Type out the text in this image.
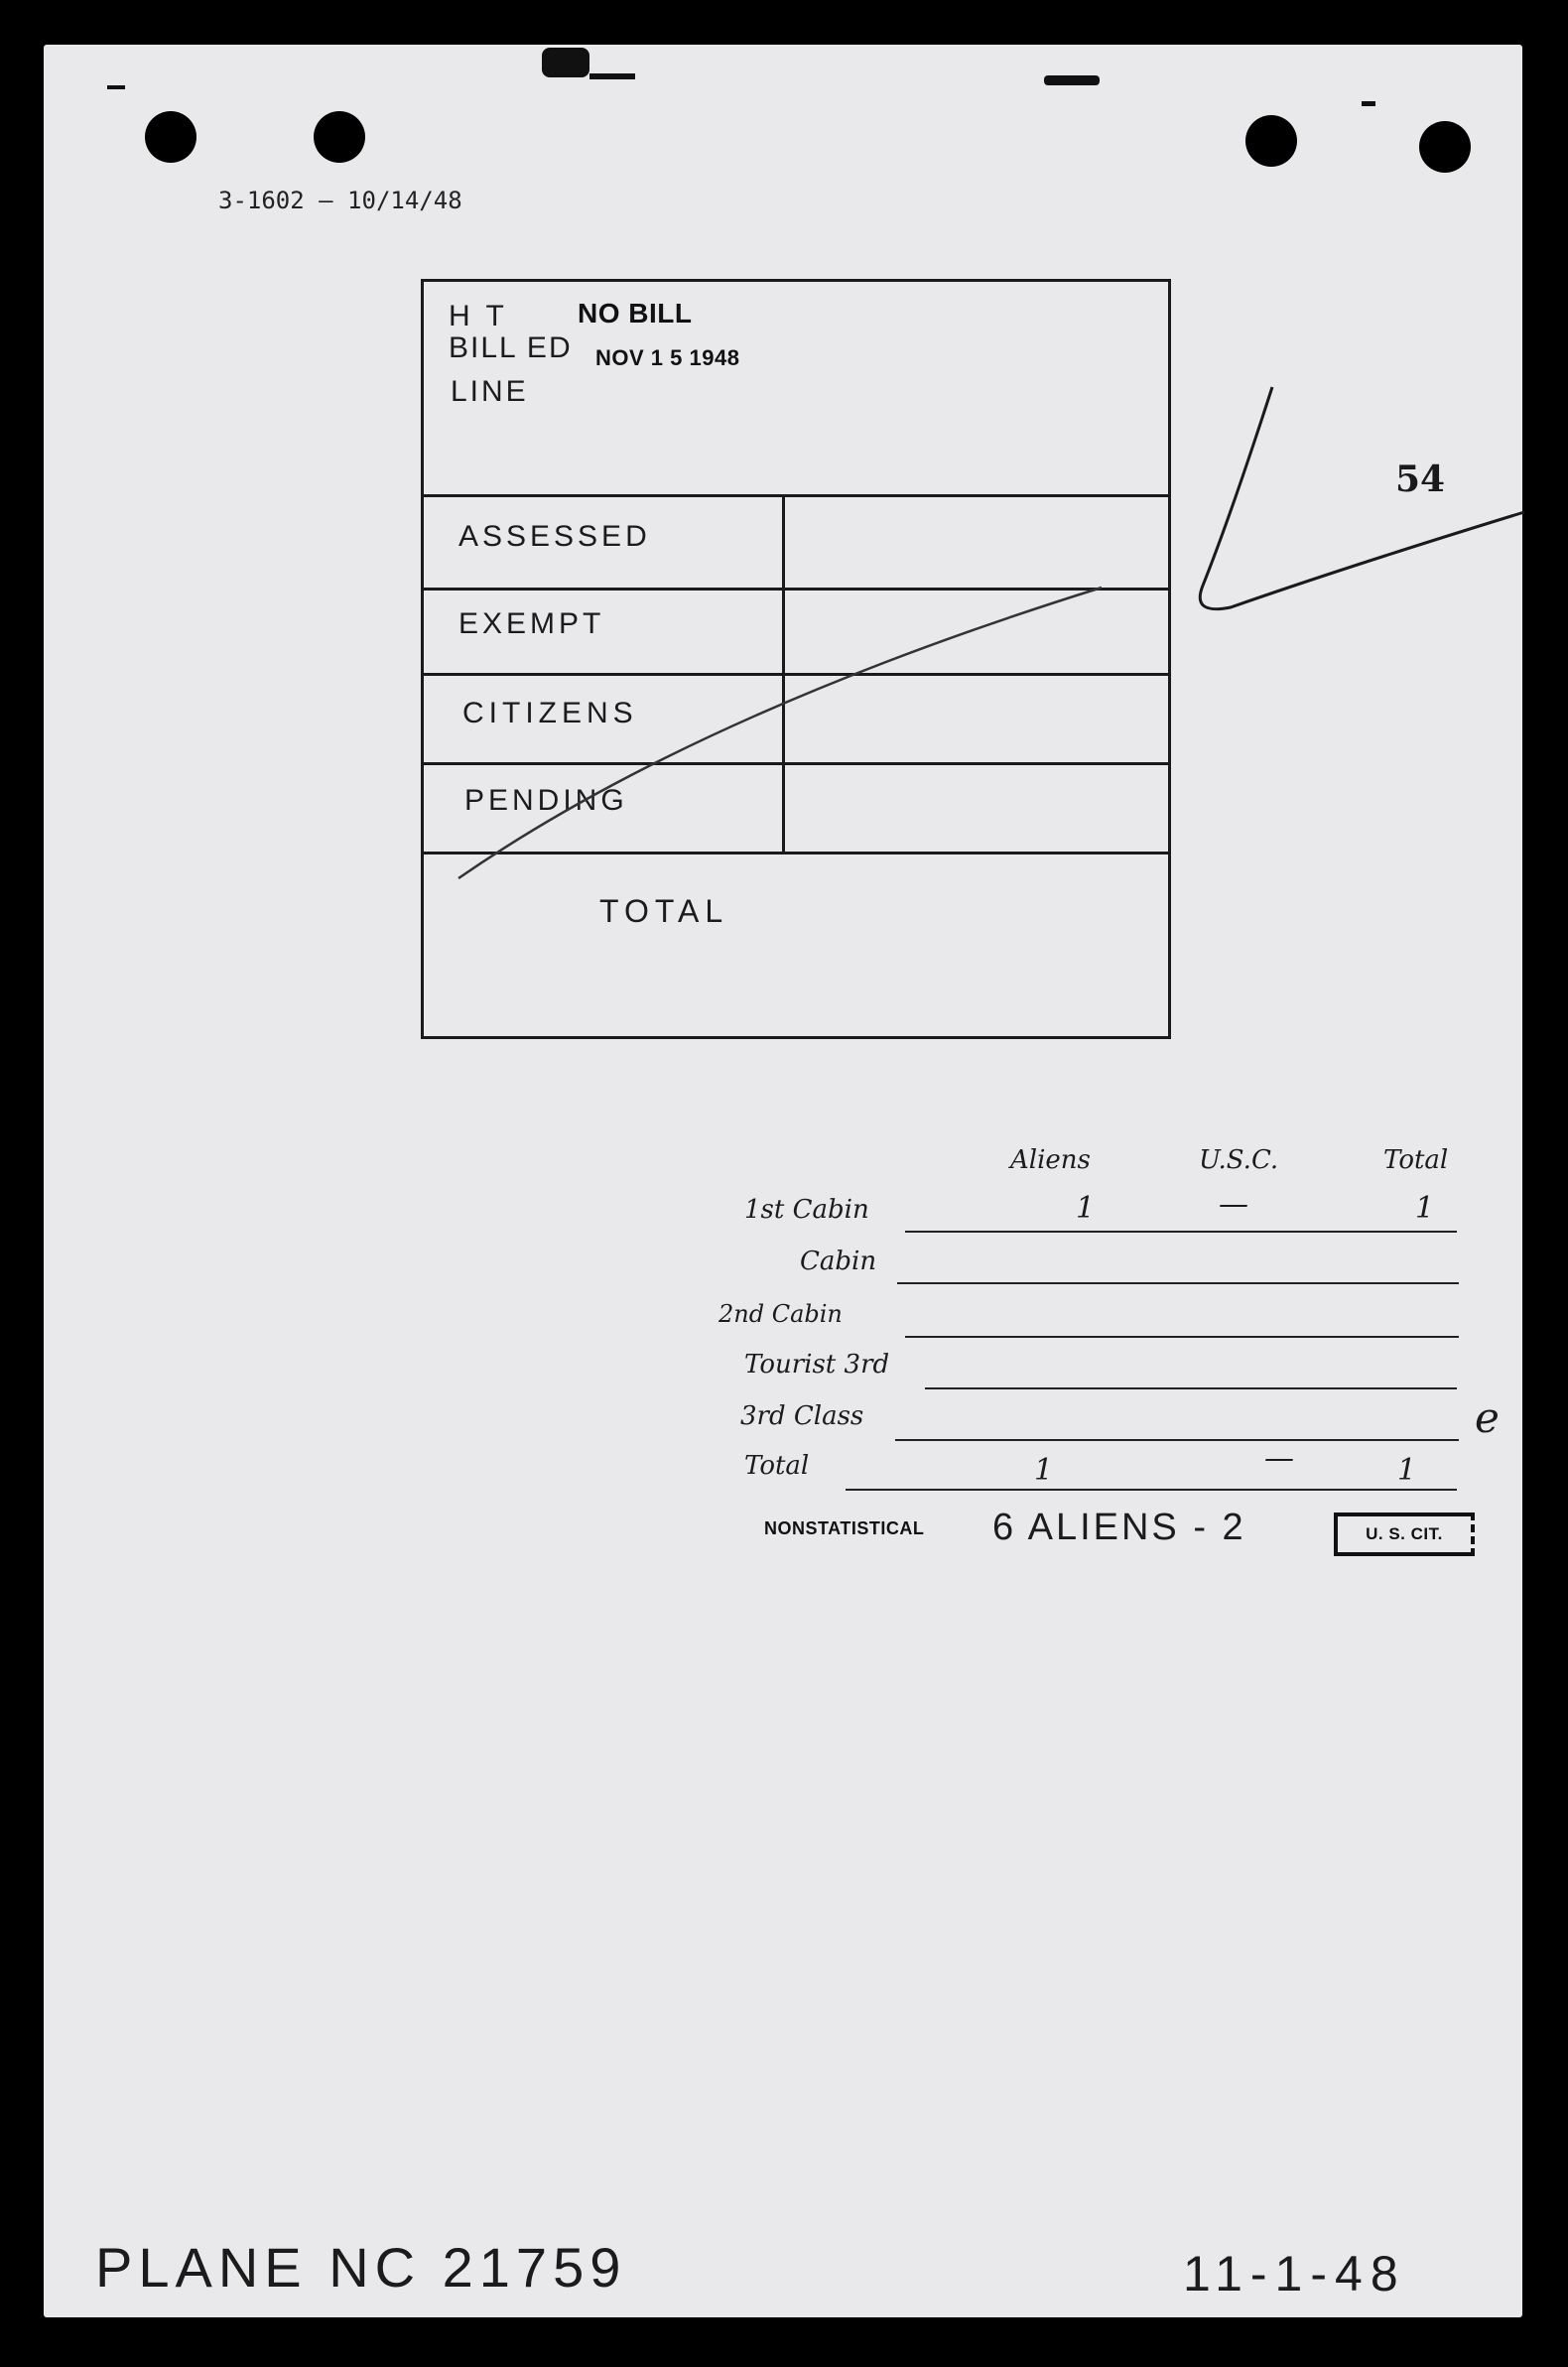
3-1602 — 10/14/48
54
H T
BILL ED
LINE
NO BILL
NOV 1 5 1948
ASSESSED
EXEMPT
CITIZENS
PENDING
TOTAL
Aliens	U.S.C.	Total
1st Cabin	1	—	1
Cabin
2nd Cabin
Tourist 3rd
3rd Class	e
Total	1	—	1
NONSTATISTICAL 6 ALIENS - 2	U. S. CIT.
PLANE NC 21759	11-1-48
